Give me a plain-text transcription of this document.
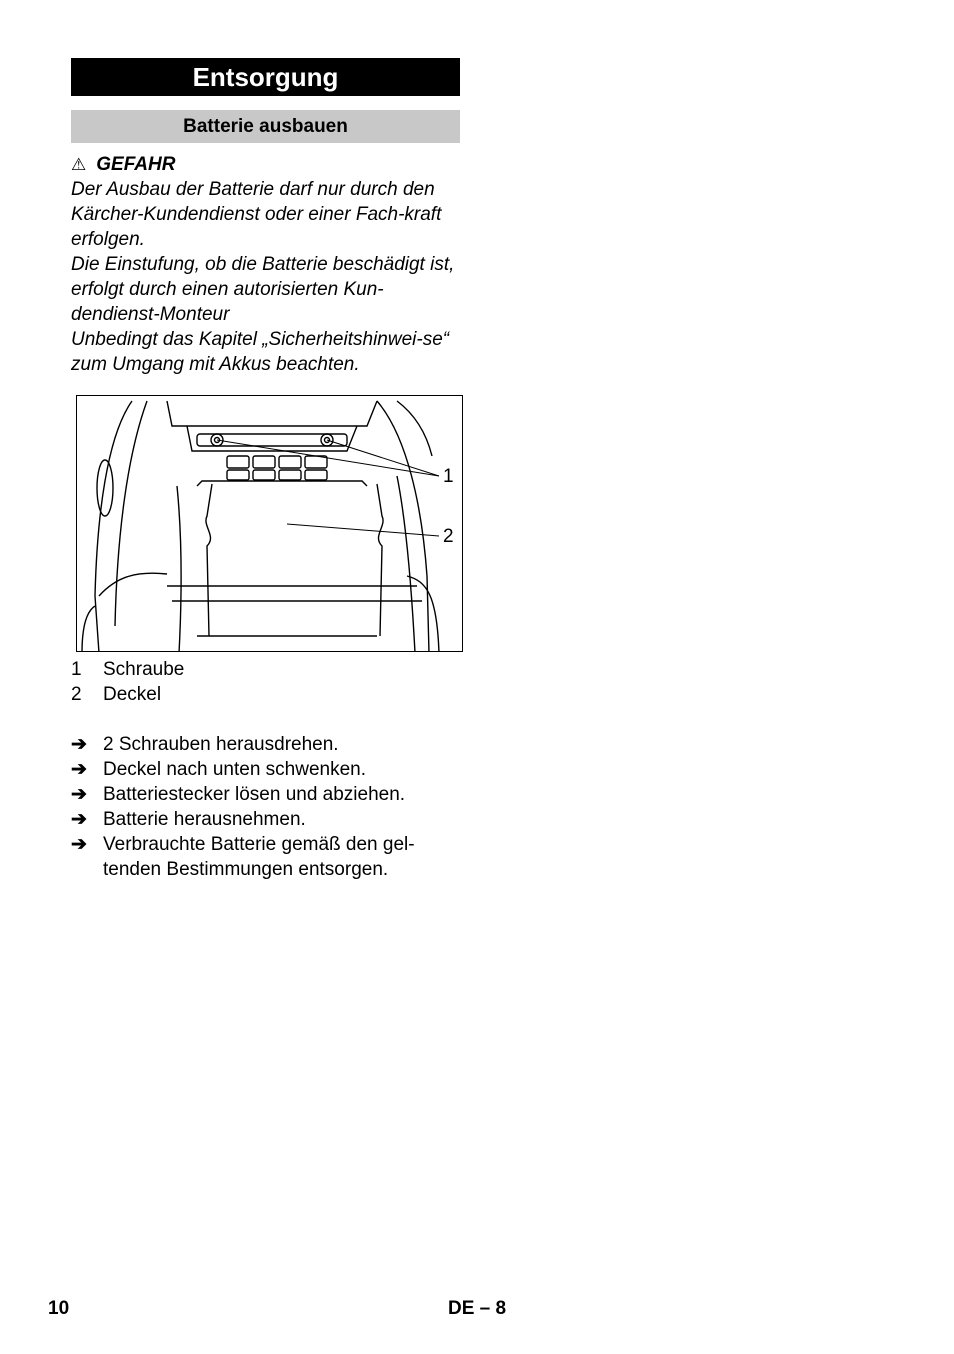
Entsorgung
Batterie ausbauen
⚠ GEFAHR

Der Ausbau der Batterie darf nur durch den Kärcher-Kundendienst oder einer Fach-kraft erfolgen.

Die Einstufung, ob die Batterie beschädigt ist, erfolgt durch einen autorisierten Kun-dendienst-Monteur

Unbedingt das Kapitel „Sicherheitshinwei-se“ zum Umgang mit Akkus beachten.

1
2
1	Schraube
2	Deckel
➔ 2 Schrauben herausdrehen.
➔ Deckel nach unten schwenken.
➔ Batteriestecker lösen und abziehen.
➔ Batterie herausnehmen.
➔ Verbrauchte Batterie gemäß den gel-tenden Bestimmungen entsorgen.
10	DE – 8
